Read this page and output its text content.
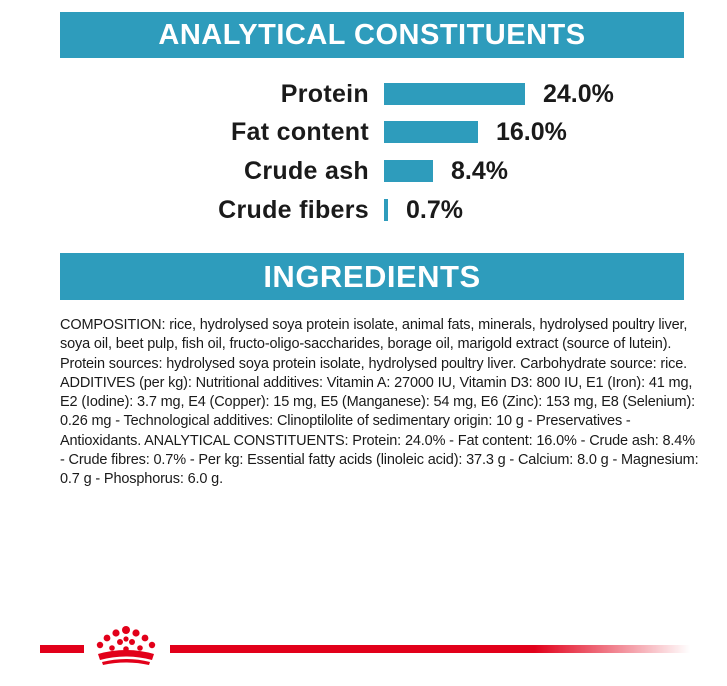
ANALYTICAL CONSTITUENTS
Protein	24.0%
Fat content	16.0%
Crude ash	8.4%
Crude fibers 0.7%
INGREDIENTS
COMPOSITION: rice, hydrolysed soya protein isolate, animal fats, minerals, hydrolysed poultry liver, soya oil, beet pulp, fish oil, fructo-oligo-saccharides, borage oil, marigold extract (source of lutein). Protein sources: hydrolysed soya protein isolate, hydrolysed poultry liver. Carbohydrate source: rice. ADDITIVES (per kg): Nutritional additives: Vitamin A: 27000 IU, Vitamin D3: 800 IU, E1 (Iron): 41 mg, E2 (Iodine): 3.7 mg, E4 (Copper): 15 mg, E5 (Manganese): 54 mg, E6 (Zinc): 153 mg, E8 (Selenium): 0.26 mg - Technological additives: Clinoptilolite of sedimentary origin: 10 g - Preservatives - Antioxidants. ANALYTICAL CONSTITUENTS: Protein: 24.0% - Fat content: 16.0% - Crude ash: 8.4% - Crude fibres: 0.7% - Per kg: Essential fatty acids (linoleic acid): 37.3 g - Calcium: 8.0 g - Magnesium: 0.7 g - Phosphorus: 6.0 g.
